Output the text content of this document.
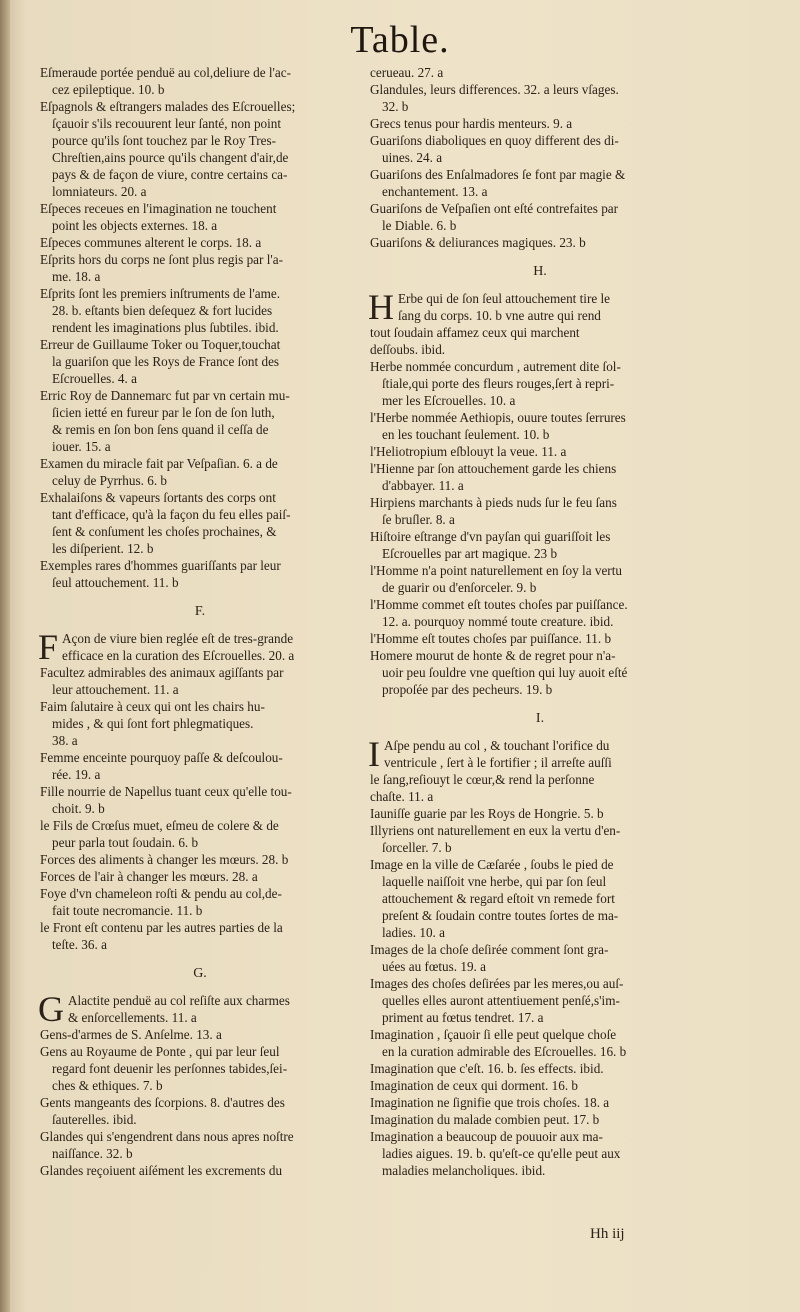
Table.
Eſmeraude portée penduë au col,deliure de l'ac-
cez epileptique. 10. b
Eſpagnols & eſtrangers malades des Eſcrouelles;
ſçauoir s'ils recouurent leur ſanté, non point
pource qu'ils ſont touchez par le Roy Tres-
Chreſtien,ains pource qu'ils changent d'air,de
pays & de façon de viure, contre certains ca-
lomniateurs. 20. a
Eſpeces receues en l'imagination ne touchent
point les objects externes. 18. a
Eſpeces communes alterent le corps. 18. a
Eſprits hors du corps ne ſont plus regis par l'a-
me. 18. a
Eſprits ſont les premiers inſtruments de l'ame.
28. b. eſtants bien deſequez & fort lucides
rendent les imaginations plus ſubtiles. ibid.
Erreur de Guillaume Toker ou Toquer,touchat
la guariſon que les Roys de France ſont des
Eſcrouelles. 4. a
Erric Roy de Dannemarc fut par vn certain mu-
ſicien ietté en fureur par le ſon de ſon luth,
& remis en ſon bon ſens quand il ceſſa de
iouer. 15. a
Examen du miracle fait par Veſpaſian. 6. a de
celuy de Pyrrhus. 6. b
Exhalaiſons & vapeurs ſortants des corps ont
tant d'efficace, qu'à la façon du feu elles paiſ-
ſent & conſument les choſes prochaines, &
les diſperient. 12. b
Exemples rares d'hommes guariſſants par leur
ſeul attouchement. 11. b
F.
F Açon de viure bien reglée eſt de tres-grande
efficace en la curation des Eſcrouelles. 20. a
Facultez admirables des animaux agiſſants par
leur attouchement. 11. a
Faim ſalutaire à ceux qui ont les chairs hu-
mides , & qui ſont fort phlegmatiques.
38. a
Femme enceinte pourquoy paſſe & deſcoulou-
rée. 19. a
Fille nourrie de Napellus tuant ceux qu'elle tou-
choit. 9. b
le Fils de Crœſus muet, eſmeu de colere & de
peur parla tout ſoudain. 6. b
Forces des aliments à changer les mœurs. 28. b
Forces de l'air à changer les mœurs. 28. a
Foye d'vn chameleon roſti & pendu au col,de-
fait toute necromancie. 11. b
le Front eſt contenu par les autres parties de la
teſte. 36. a
G.
G Alactite penduë au col reſiſte aux charmes
& enſorcellements. 11. a
Gens-d'armes de S. Anſelme. 13. a
Gens au Royaume de Ponte , qui par leur ſeul
regard font deuenir les perſonnes tabides,ſei-
ches & ethiques. 7. b
Gents mangeants des ſcorpions. 8. d'autres des
ſauterelles. ibid.
Glandes qui s'engendrent dans nous apres noſtre
naiſſance. 32. b
Glandes reçoiuent aiſément les excrements du
cerueau. 27. a
Glandules, leurs differences. 32. a leurs vſages.
32. b
Grecs tenus pour hardis menteurs. 9. a
Guariſons diaboliques en quoy different des di-
uines. 24. a
Guariſons des Enſalmadores ſe font par magie &
enchantement. 13. a
Guariſons de Veſpaſien ont eſté contrefaites par
le Diable. 6. b
Guariſons & deliurances magiques. 23. b
H.
H Erbe qui de ſon ſeul attouchement tire le
ſang du corps. 10. b vne autre qui rend
tout ſoudain affamez ceux qui marchent
deſſoubs. ibid.
Herbe nommée concurdum , autrement dite ſol-
ſtiale,qui porte des fleurs rouges,ſert à repri-
mer les Eſcrouelles. 10. a
l'Herbe nommée Aethiopis, ouure toutes ſerrures
en les touchant ſeulement. 10. b
l'Heliotropium eſblouyt la veue. 11. a
l'Hienne par ſon attouchement garde les chiens
d'abbayer. 11. a
Hirpiens marchants à pieds nuds ſur le feu ſans
ſe bruſler. 8. a
Hiſtoire eſtrange d'vn payſan qui guariſſoit les
Eſcrouelles par art magique. 23 b
l'Homme n'a point naturellement en ſoy la vertu
de guarir ou d'enſorceler. 9. b
l'Homme commet eſt toutes choſes par puiſſance.
12. a. pourquoy nommé toute creature. ibid.
l'Homme eſt toutes choſes par puiſſance. 11. b
Homere mourut de honte & de regret pour n'a-
uoir peu ſouldre vne queſtion qui luy auoit eſté
propoſée par des pecheurs. 19. b
I.
I Aſpe pendu au col , & touchant l'orifice du
ventricule , ſert à le fortifier ; il arreſte auſſi
le ſang,reſiouyt le cœur,& rend la perſonne
chaſte. 11. a
Iauniſſe guarie par les Roys de Hongrie. 5. b
Illyriens ont naturellement en eux la vertu d'en-
ſorceller. 7. b
Image en la ville de Cæſarée , ſoubs le pied de
laquelle naiſſoit vne herbe, qui par ſon ſeul
attouchement & regard eſtoit vn remede fort
preſent & ſoudain contre toutes ſortes de ma-
ladies. 10. a
Images de la choſe deſirée comment ſont gra-
uées au fœtus. 19. a
Images des choſes deſirées par les meres,ou auſ-
quelles elles auront attentiuement penſé,s'im-
priment au fœtus tendret. 17. a
Imagination , ſçauoir ſi elle peut quelque choſe
en la curation admirable des Eſcrouelles. 16. b
Imagination que c'eſt. 16. b. ſes effects. ibid.
Imagination de ceux qui dorment. 16. b
Imagination ne ſignifie que trois choſes. 18. a
Imagination du malade combien peut. 17. b
Imagination a beaucoup de pouuoir aux ma-
ladies aigues. 19. b. qu'eſt-ce qu'elle peut aux
maladies melancholiques. ibid.
Hh iij
